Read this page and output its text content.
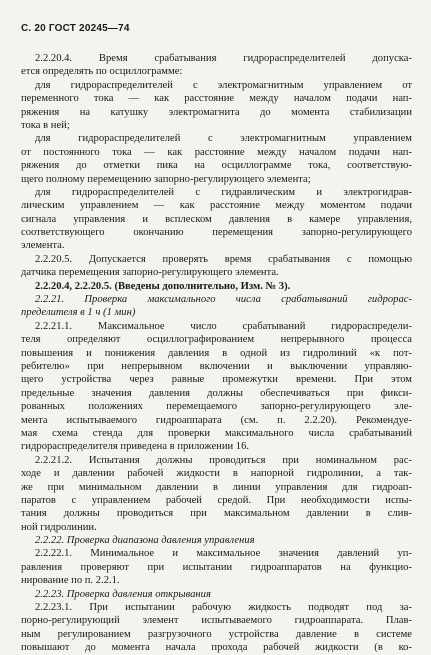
С. 20 ГОСТ 20245—74
2.2.20.4. Время срабатывания гидрораспределителей допуска-
ется определять по осциллограмме:
для гидрораспределителей с электромагнитным управлением от
переменного тока — как расстояние между началом подачи нап-
ряжения на катушку электромагнита до момента стабилизации
тока в ней;
для гидрораспределителей с электромагнитным управлением
от постоянного тока — как расстояние между началом подачи нап-
ряжения до отметки пика на осциллограмме тока, соответствую-
щего полному перемещению запорно-регулирующего элемента;
для гидрораспределителей с гидравлическим и электрогидрав-
лическим управлением — как расстояние между моментом подачи
сигнала управления и всплеском давления в камере управления,
соответствующего окончанию перемещения запорно-регулирующего
элемента.
2.2.20.5. Допускается проверять время срабатывания с помощью
датчика перемещения запорно-регулирующего элемента.
2.2.20.4, 2.2.20.5. (Введены дополнительно, Изм. № 3).
2.2.21. Проверка максимального числа срабатываний гидрорас-
пределителя в 1 ч (1 мин)
2.2.21.1. Максимальное число срабатываний гидрораспредели-
теля определяют осциллографированием непрерывного процесса
повышения и понижения давления в одной из гидролиний «к пот-
ребителю» при непрерывном включении и выключении управляю-
щего устройства через равные промежутки времени. При этом
предельные значения давления должны обеспечиваться при фикси-
рованных положениях перемещаемого запорно-регулирующего эле-
мента испытываемого гидроаппарата (см. п. 2.2.20). Рекомендуе-
мая схема стенда для проверки максимального числа срабатываний
гидрораспределителя приведена в приложении 16.
2.2.21.2. Испытания должны проводиться при номинальном рас-
ходе и давлении рабочей жидкости в напорной гидролинии, а так-
же при минимальном давлении в линии управления для гидроап-
паратов с управлением рабочей средой. При необходимости испы-
тания должны проводиться при максимальном давлении в слив-
ной гидролинии.
2.2.22. Проверка диапазона давления управления
2.2.22.1. Минимальное и максимальное значения давлений уп-
равления проверяют при испытании гидроаппаратов на функцио-
нирование по п. 2.2.1.
2.2.23. Проверка давления открывания
2.2.23.1. При испытании рабочую жидкость подводят под за-
порно-регулирующий элемент испытываемого гидроаппарата. Плав-
ным регулированием разгрузочного устройства давление в системе
повышают до момента начала прохода рабочей жидкости (в ко-
